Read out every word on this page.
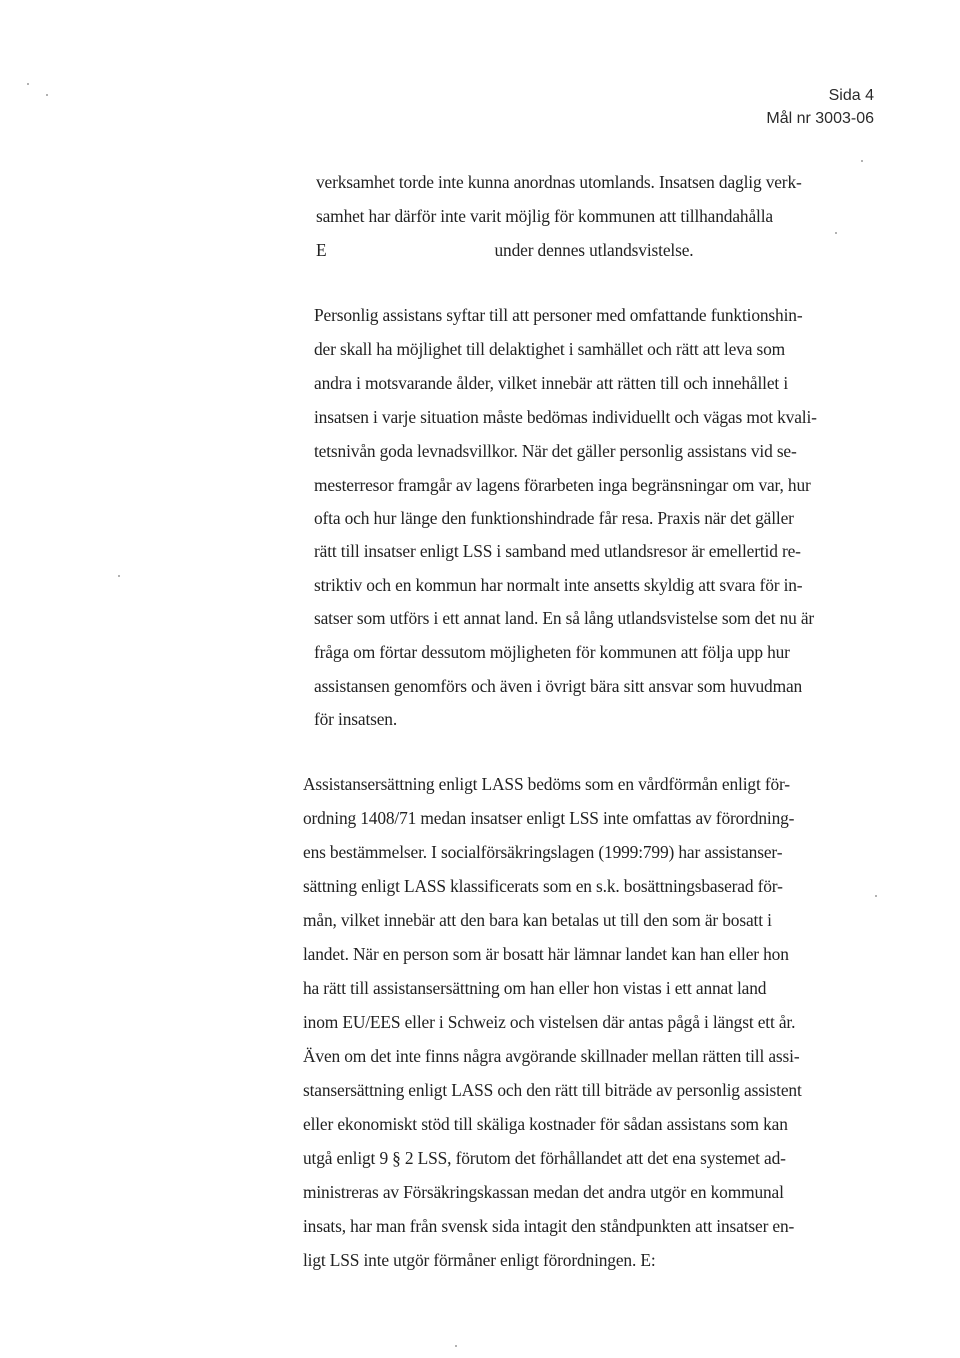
Sida 4
Mål nr 3003-06
verksamhet torde inte kunna anordnas utomlands. Insatsen daglig verk-
samhet har därför inte varit möjlig för kommunen att tillhandahålla
E	under dennes utlandsvistelse.
Personlig assistans syftar till att personer med omfattande funktionshin-
der skall ha möjlighet till delaktighet i samhället och rätt att leva som
andra i motsvarande ålder, vilket innebär att rätten till och innehållet i
insatsen i varje situation måste bedömas individuellt och vägas mot kvali-
tetsnivån goda levnadsvillkor. När det gäller personlig assistans vid se-
mesterresor framgår av lagens förarbeten inga begränsningar om var, hur
ofta och hur länge den funktionshindrade får resa. Praxis när det gäller
rätt till insatser enligt LSS i samband med utlandsresor är emellertid re-
striktiv och en kommun har normalt inte ansetts skyldig att svara för in-
satser som utförs i ett annat land. En så lång utlandsvistelse som det nu är
fråga om förtar dessutom möjligheten för kommunen att följa upp hur
assistansen genomförs och även i övrigt bära sitt ansvar som huvudman
för insatsen.
Assistansersättning enligt LASS bedöms som en vårdförmån enligt för-
ordning 1408/71 medan insatser enligt LSS inte omfattas av förordning-
ens bestämmelser. I socialförsäkringslagen (1999:799) har assistanser-
sättning enligt LASS klassificerats som en s.k. bosättningsbaserad för-
mån, vilket innebär att den bara kan betalas ut till den som är bosatt i
landet. När en person som är bosatt här lämnar landet kan han eller hon
ha rätt till assistansersättning om han eller hon vistas i ett annat land
inom EU/EES eller i Schweiz och vistelsen där antas pågå i längst ett år.
Även om det inte finns några avgörande skillnader mellan rätten till assi-
stansersättning enligt LASS och den rätt till biträde av personlig assistent
eller ekonomiskt stöd till skäliga kostnader för sådan assistans som kan
utgå enligt 9 § 2 LSS, förutom det förhållandet att det ena systemet ad-
ministreras av Försäkringskassan medan det andra utgör en kommunal
insats, har man från svensk sida intagit den ståndpunkten att insatser en-
ligt LSS inte utgör förmåner enligt förordningen. E:
